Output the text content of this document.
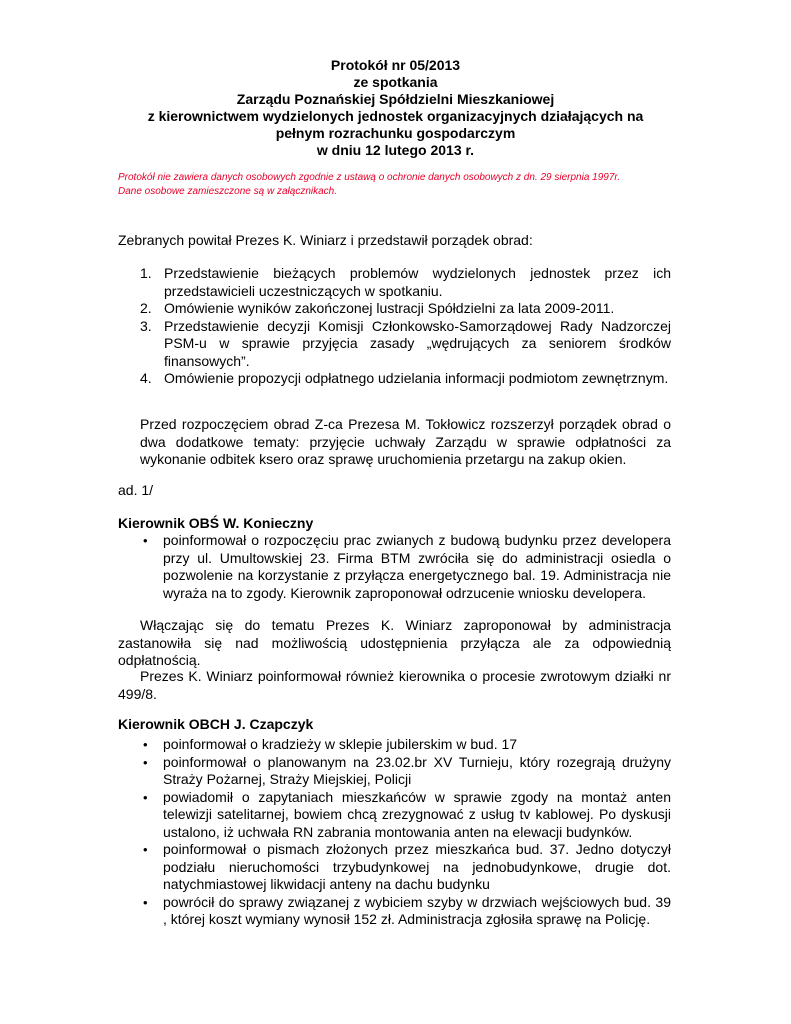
Protokół nr 05/2013
ze spotkania
Zarządu Poznańskiej Spółdzielni Mieszkaniowej
z kierownictwem wydzielonych jednostek organizacyjnych działających na
pełnym rozrachunku gospodarczym
w dniu 12 lutego 2013 r.
Protokół nie zawiera danych osobowych zgodnie z ustawą o ochronie danych osobowych z dn. 29 sierpnia 1997r.
Dane osobowe zamieszczone są w załącznikach.
Zebranych powitał Prezes K. Winiarz i przedstawił porządek obrad:
1. Przedstawienie bieżących problemów wydzielonych jednostek przez ich przedstawicieli uczestniczących w spotkaniu.
2. Omówienie wyników zakończonej lustracji Spółdzielni za lata 2009-2011.
3. Przedstawienie decyzji Komisji Członkowsko-Samorządowej Rady Nadzorczej PSM-u w sprawie przyjęcia zasady „wędrujących za seniorem środków finansowych”.
4. Omówienie propozycji odpłatnego udzielania informacji podmiotom zewnętrznym.
Przed rozpoczęciem obrad Z-ca Prezesa M. Tokłowicz rozszerzył porządek obrad o dwa dodatkowe tematy: przyjęcie uchwały Zarządu w sprawie odpłatności za wykonanie odbitek ksero oraz sprawę uruchomienia przetargu na zakup okien.
ad. 1/
Kierownik OBŚ W. Konieczny
• poinformował o rozpoczęciu prac zwianych z budową budynku przez developera przy ul. Umultowskiej 23. Firma BTM zwróciła się do administracji osiedla o pozwolenie na korzystanie z przyłącza energetycznego bal. 19. Administracja nie wyraża na to zgody. Kierownik zaproponował odrzucenie wniosku developera.
Włączając się do tematu Prezes K. Winiarz zaproponował by administracja zastanowiła się nad możliwością udostępnienia przyłącza ale za odpowiednią odpłatnością.
Prezes K. Winiarz poinformował również kierownika o procesie zwrotowym działki nr 499/8.
Kierownik OBCH J. Czapczyk
• poinformował o kradzieży w sklepie jubilerskim w bud. 17
• poinformował o planowanym na 23.02.br XV Turnieju, który rozegrają drużyny Straży Pożarnej, Straży Miejskiej, Policji
• powiadomił o zapytaniach mieszkańców w sprawie zgody na montaż anten telewizji satelitarnej, bowiem chcą zrezygnować z usług tv kablowej. Po dyskusji ustalono, iż uchwała RN zabrania montowania anten na elewacji budynków.
• poinformował o pismach złożonych przez mieszkańca bud. 37. Jedno dotyczył podziału nieruchomości trzybudynkowej na jednobudynkowe, drugie dot. natychmiastowej likwidacji anteny na dachu budynku
• powrócił do sprawy związanej z wybiciem szyby w drzwiach wejściowych bud. 39 , której koszt wymiany wynosił 152 zł. Administracja zgłosiła sprawę na Policję.
